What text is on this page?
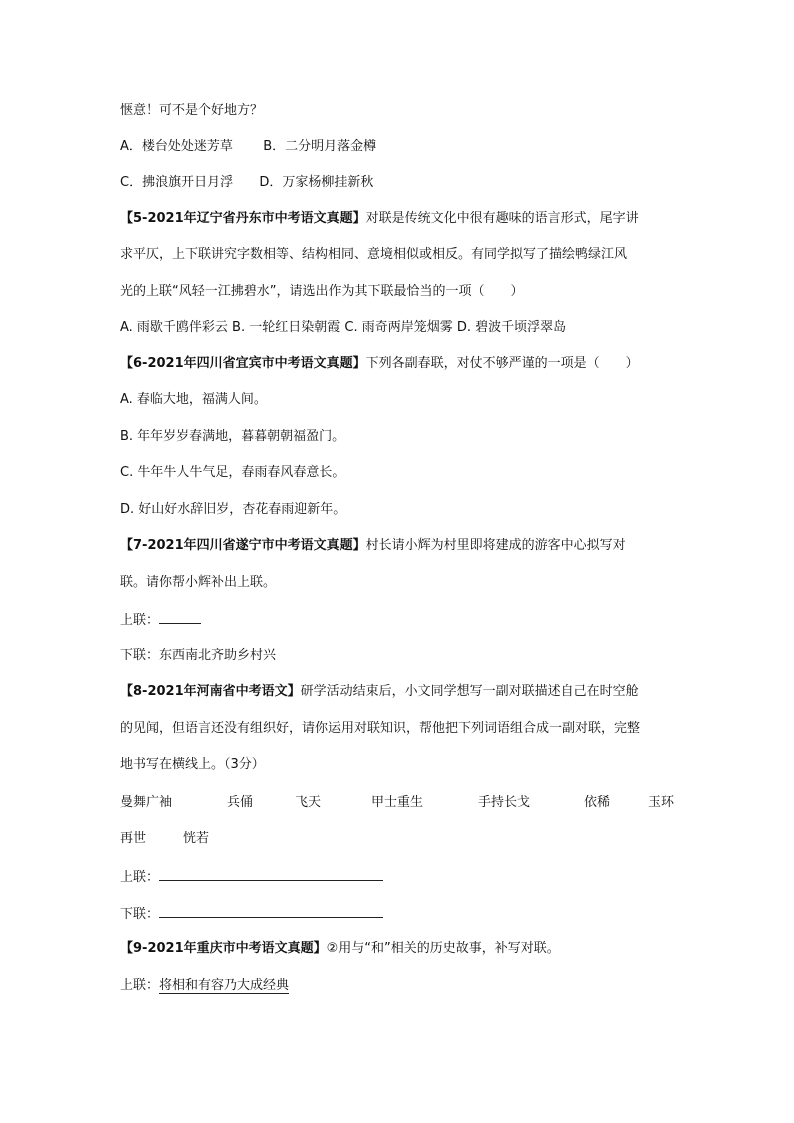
惬意！可不是个好地方？
A．楼台处处迷芳草 B．二分明月落金樽
C．拂浪旗开日月浮 D．万家杨柳挂新秋
【5-2021年辽宁省丹东市中考语文真题】对联是传统文化中很有趣味的语言形式，尾字讲
求平仄，上下联讲究字数相等、结构相同、意境相似或相反。有同学拟写了描绘鸭绿江风
光的上联“风轻一江拂碧水”，请选出作为其下联最恰当的一项（　　）
A. 雨歇千鸥伴彩云 B. 一轮红日染朝霞 C. 雨奇两岸笼烟雾 D. 碧波千顷浮翠岛
【6-2021年四川省宜宾市中考语文真题】下列各副春联，对仗不够严谨的一项是（　　）
A. 春临大地，福满人间。
B. 年年岁岁春满地，暮暮朝朝福盈门。
C. 牛年牛人牛气足，春雨春风春意长。
D. 好山好水辞旧岁，杏花春雨迎新年。
【7-2021年四川省遂宁市中考语文真题】村长请小辉为村里即将建成的游客中心拟写对
联。请你帮小辉补出上联。
上联：
下联：东西南北齐助乡村兴
【8-2021年河南省中考语文】研学活动结束后，小文同学想写一副对联描述自己在时空舱
的见闻，但语言还没有组织好，请你运用对联知识，帮他把下列词语组合成一副对联，完整
地书写在横线上。（3分）
曼舞广袖	兵俑	飞天	甲士重生	手持长戈	依稀	玉环
再世	恍若
上联：
下联：
【9-2021年重庆市中考语文真题】②用与“和”相关的历史故事，补写对联。
上联：将相和有容乃大成经典
